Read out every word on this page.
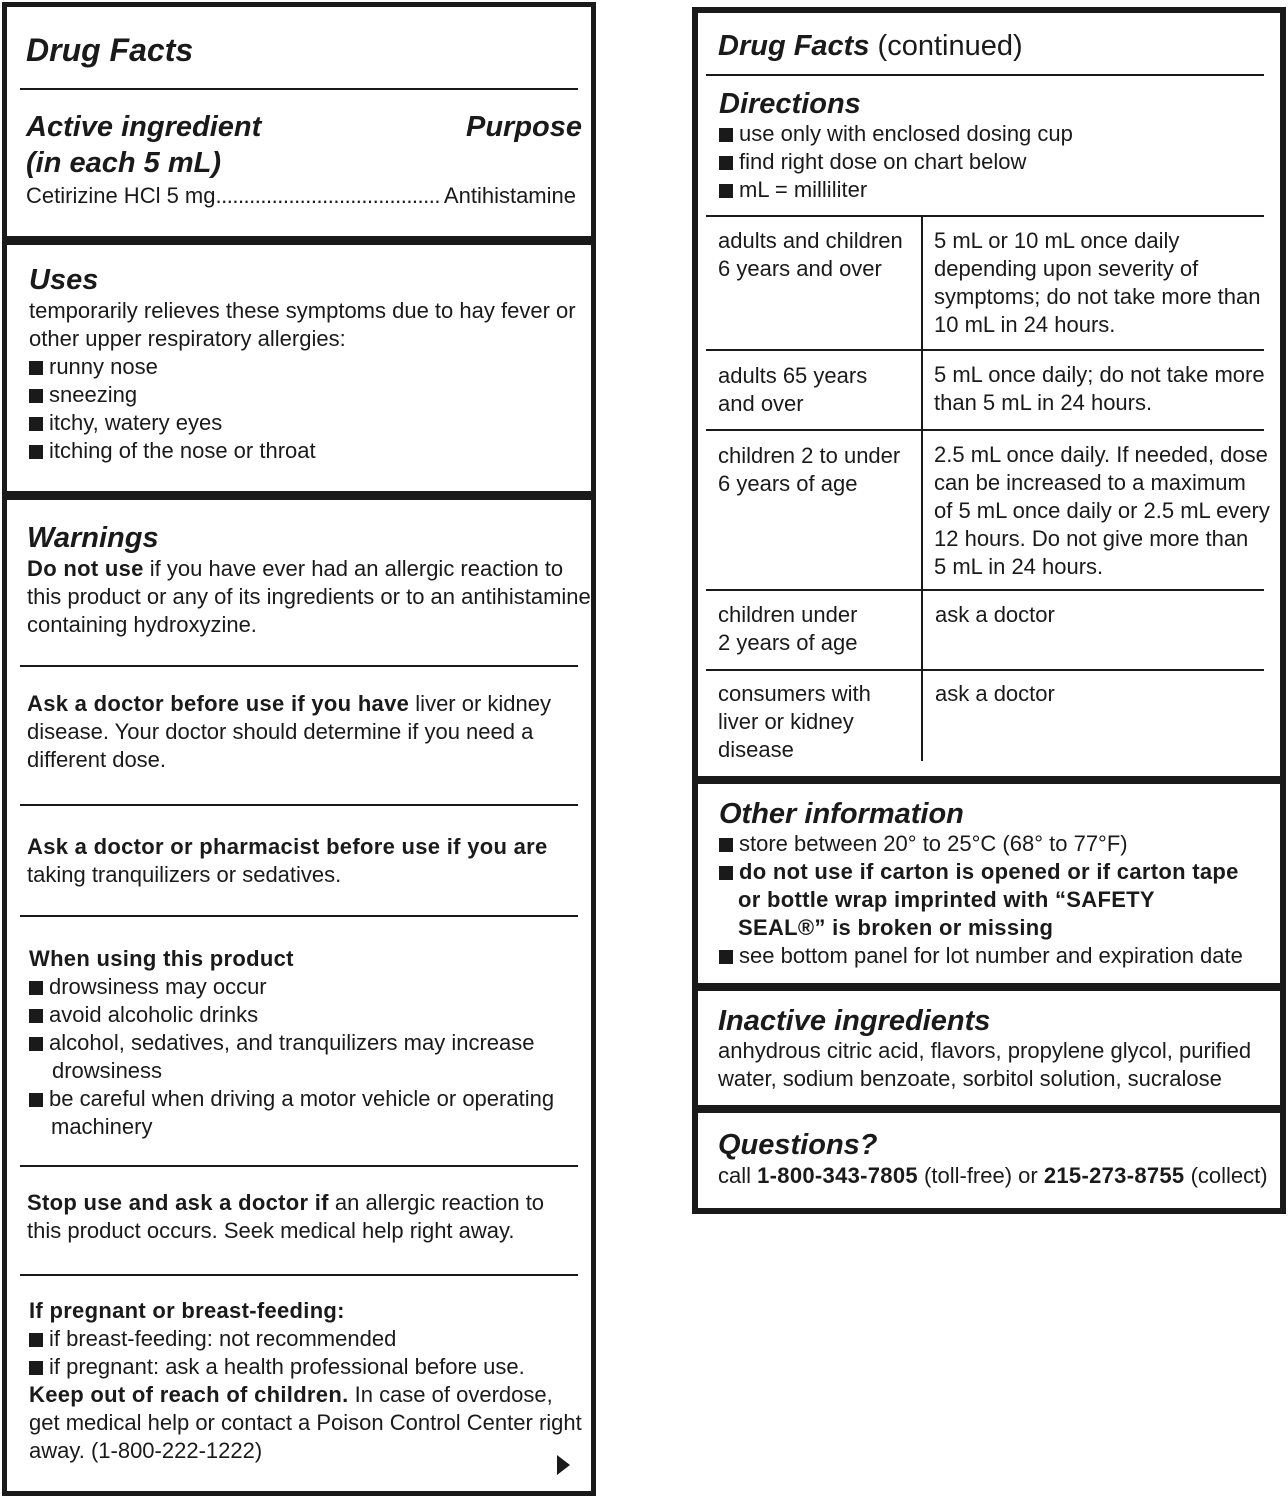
Drug Facts
Active ingredient
(in each 5 mL)
Purpose
Cetirizine HCl 5 mg ........................................ Antihistamine
Uses
temporarily relieves these symptoms due to hay fever or
other upper respiratory allergies:
runny nose
sneezing
itchy, watery eyes
itching of the nose or throat
Warnings
Do not use if you have ever had an allergic reaction to
this product or any of its ingredients or to an antihistamine
containing hydroxyzine.
Ask a doctor before use if you have liver or kidney
disease. Your doctor should determine if you need a
different dose.
Ask a doctor or pharmacist before use if you are
taking tranquilizers or sedatives.
When using this product
drowsiness may occur
avoid alcoholic drinks
alcohol, sedatives, and tranquilizers may increase
drowsiness
be careful when driving a motor vehicle or operating
machinery
Stop use and ask a doctor if an allergic reaction to
this product occurs. Seek medical help right away.
If pregnant or breast-feeding:
if breast-feeding: not recommended
if pregnant: ask a health professional before use.
Keep out of reach of children. In case of overdose,
get medical help or contact a Poison Control Center right
away. (1-800-222-1222)
Drug Facts (continued)
Directions
use only with enclosed dosing cup
find right dose on chart below
mL = milliliter
adults and children
6 years and over
5 mL or 10 mL once daily
depending upon severity of
symptoms; do not take more than
10 mL in 24 hours.
adults 65 years
and over
5 mL once daily; do not take more
than 5 mL in 24 hours.
children 2 to under
6 years of age
2.5 mL once daily. If needed, dose
can be increased to a maximum
of 5 mL once daily or 2.5 mL every
12 hours. Do not give more than
5 mL in 24 hours.
children under
2 years of age
ask a doctor
consumers with
liver or kidney
disease
ask a doctor
Other information
store between 20° to 25°C (68° to 77°F)
do not use if carton is opened or if carton tape
or bottle wrap imprinted with “SAFETY
SEAL®” is broken or missing
see bottom panel for lot number and expiration date
Inactive ingredients
anhydrous citric acid, flavors, propylene glycol, purified
water, sodium benzoate, sorbitol solution, sucralose
Questions?
call 1-800-343-7805 (toll-free) or 215-273-8755 (collect)
